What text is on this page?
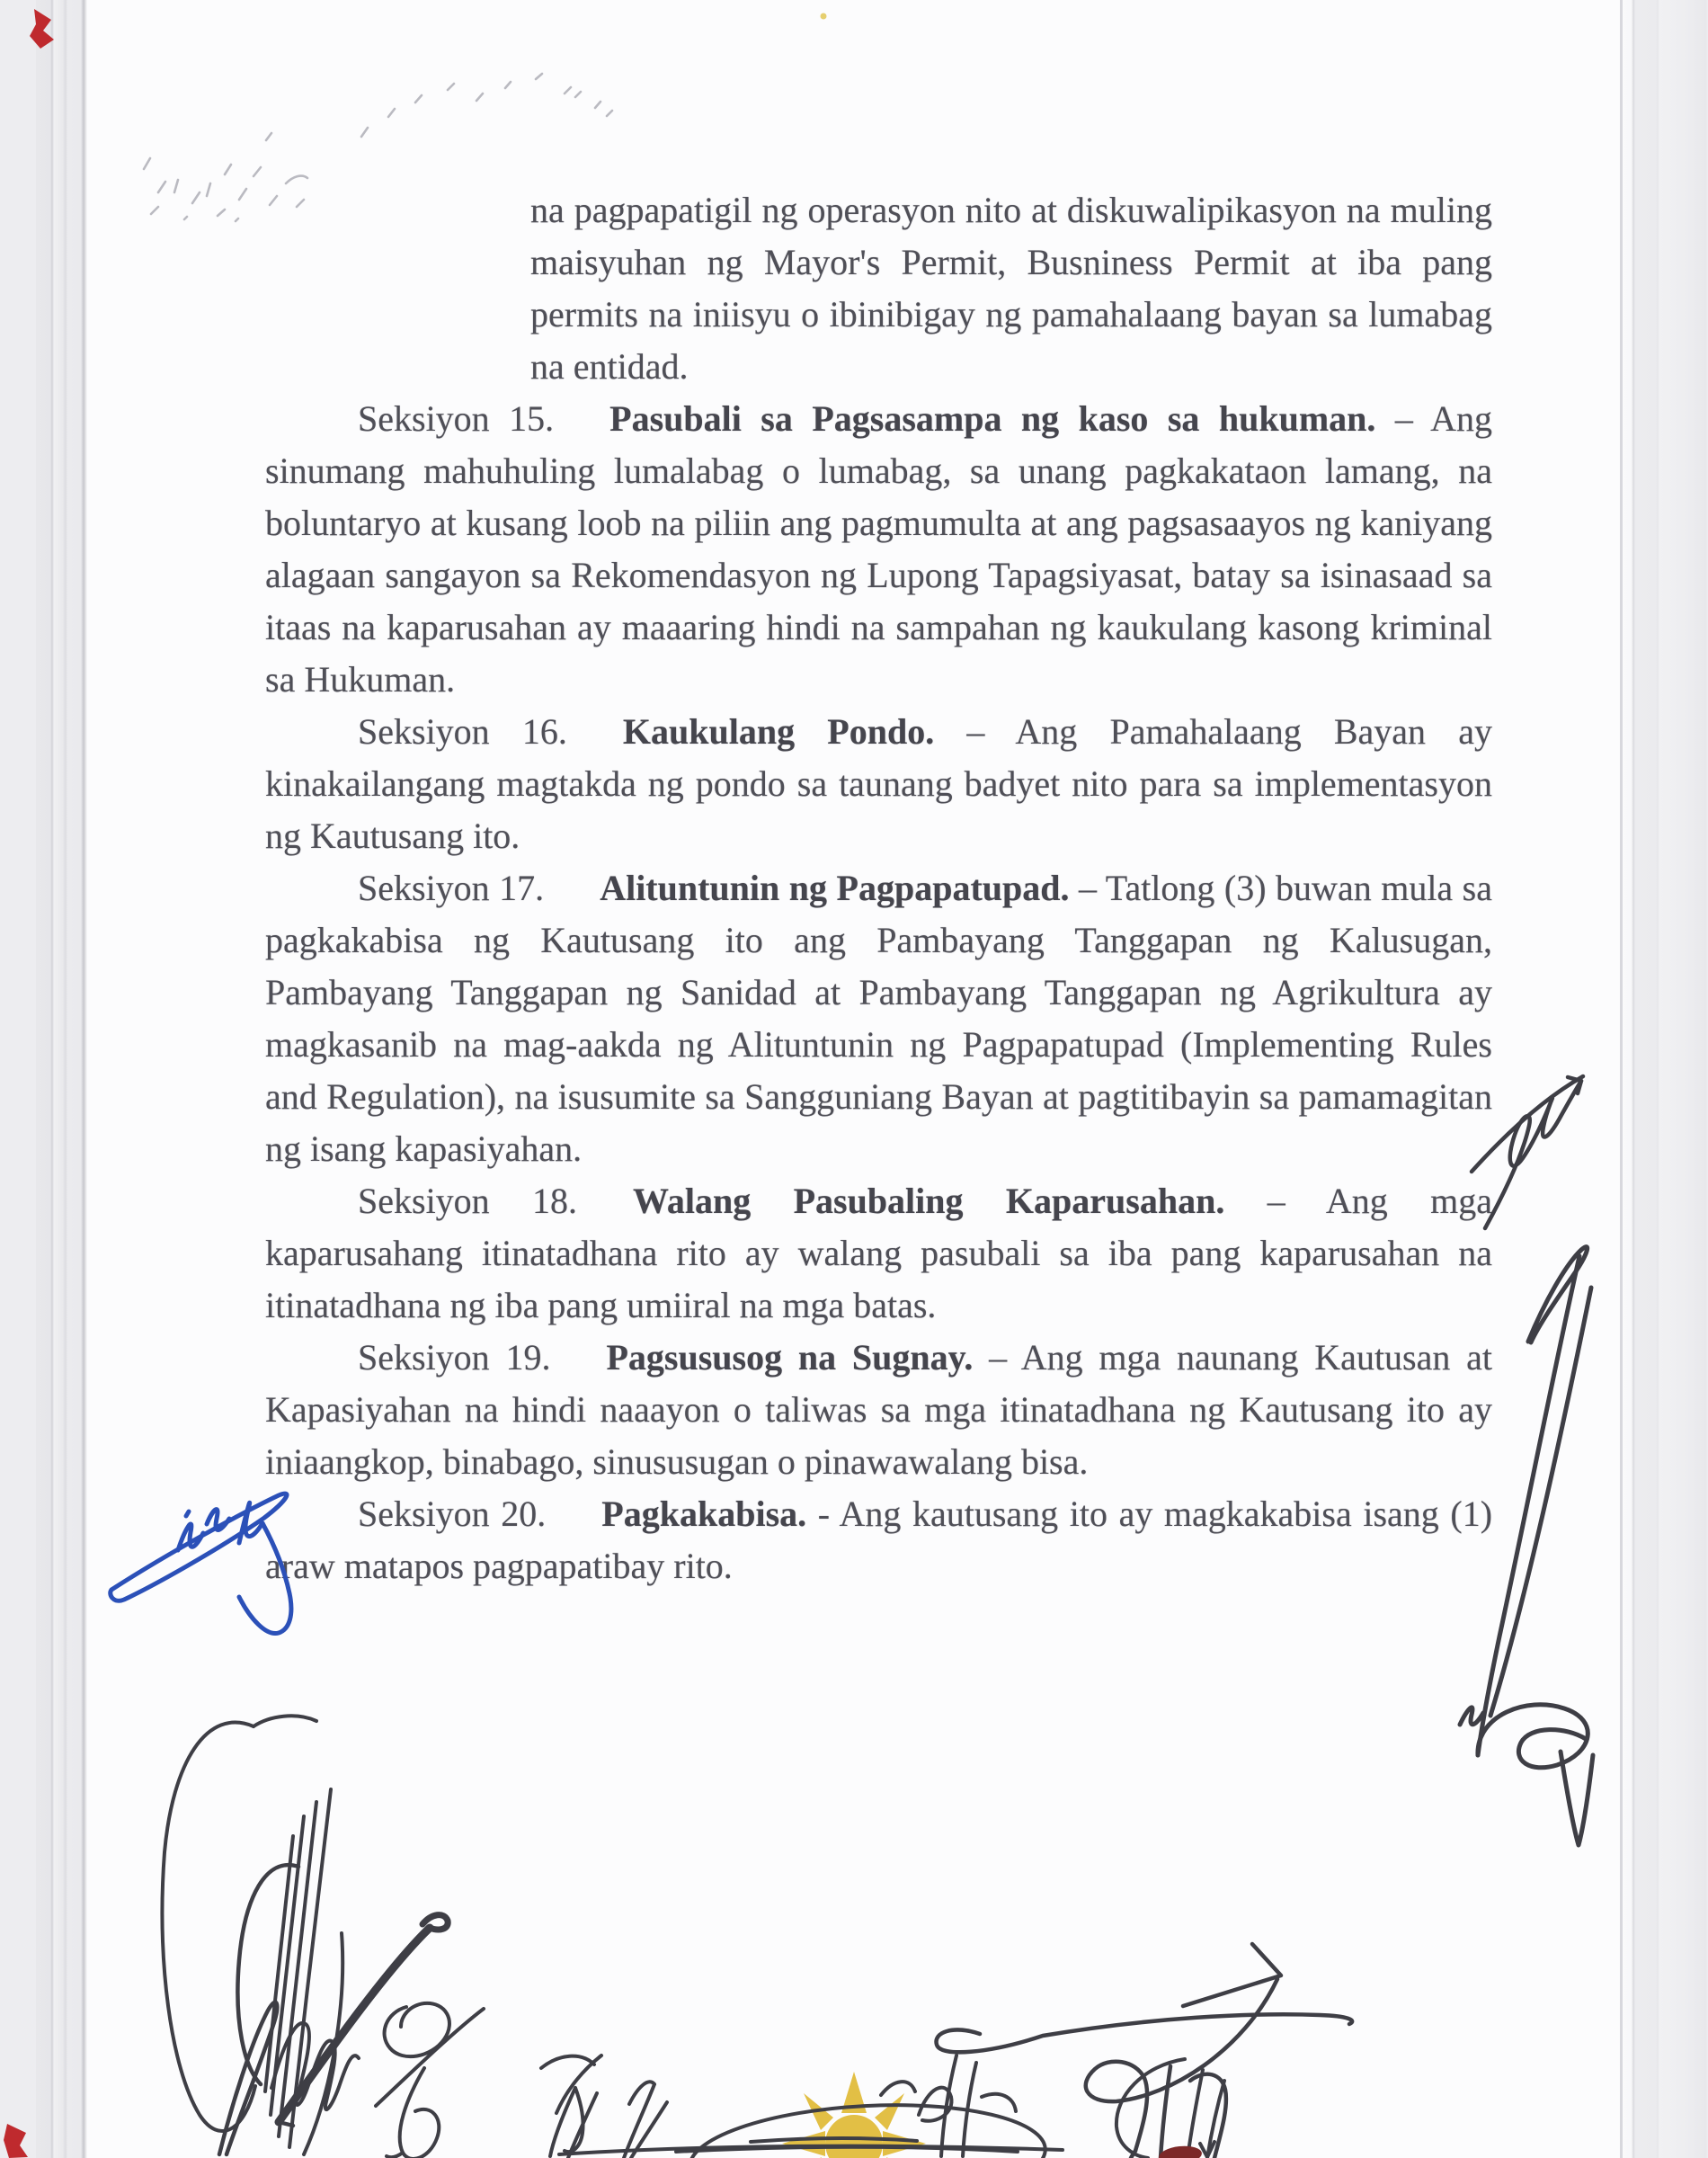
na pagpapatigil ng operasyon nito at diskuwalipikasyon na muling maisyuhan ng Mayor's Permit, Busniness Permit at iba pang permits na iniisyu o ibinibigay ng pamahalaang bayan sa lumabag na entidad.

Seksiyon 15. Pasubali sa Pagsasampa ng kaso sa hukuman. – Ang sinumang mahuhuling lumalabag o lumabag, sa unang pagkakataon lamang, na boluntaryo at kusang loob na piliin ang pagmumulta at ang pagsasaayos ng kaniyang alagaan sangayon sa Rekomendasyon ng Lupong Tapagsiyasat, batay sa isinasaad sa itaas na kaparusahan ay maaaring hindi na sampahan ng kaukulang kasong kriminal sa Hukuman.

Seksiyon 16. Kaukulang Pondo. – Ang Pamahalaang Bayan ay kinakailangang magtakda ng pondo sa taunang badyet nito para sa implementasyon ng Kautusang ito.

Seksiyon 17. Alituntunin ng Pagpapatupad. – Tatlong (3) buwan mula sa pagkakabisa ng Kautusang ito ang Pambayang Tanggapan ng Kalusugan, Pambayang Tanggapan ng Sanidad at Pambayang Tanggapan ng Agrikultura ay magkasanib na mag-aakda ng Alituntunin ng Pagpapatupad (Implementing Rules and Regulation), na isusumite sa Sangguniang Bayan at pagtitibayin sa pamamagitan ng isang kapasiyahan.

Seksiyon 18. Walang Pasubaling Kaparusahan. – Ang mga kaparusahang itinatadhana rito ay walang pasubali sa iba pang kaparusahan na itinatadhana ng iba pang umiiral na mga batas.

Seksiyon 19. Pagsususog na Sugnay. – Ang mga naunang Kautusan at Kapasiyahan na hindi naaayon o taliwas sa mga itinatadhana ng Kautusang ito ay iniaangkop, binabago, sinususugan o pinawawalang bisa.

Seksiyon 20. Pagkakabisa. - Ang kautusang ito ay magkakabisa isang (1) araw matapos pagpapatibay rito.
